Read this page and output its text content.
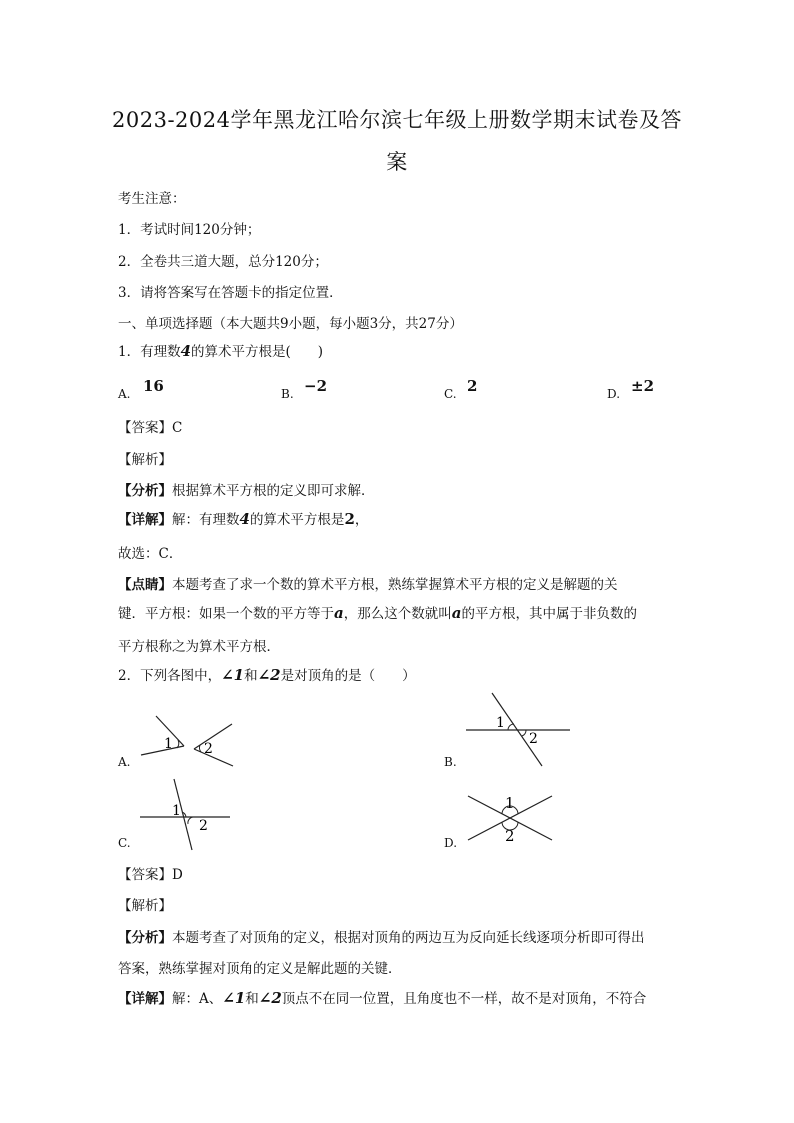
2023-2024学年黑龙江哈尔滨七年级上册数学期末试卷及答
案
考生注意：
1．考试时间120分钟；
2．全卷共三道大题，总分120分；
3．请将答案写在答题卡的指定位置．
一、单项选择题（本大题共9小题，每小题3分，共27分）
1．有理数4的算术平方根是(　　)
A. 16	B. −2	C. 2	D. ±2
【答案】C
【解析】
【分析】根据算术平方根的定义即可求解．
【详解】解：有理数4的算术平方根是2，
故选：C．
【点睛】本题考查了求一个数的算术平方根，熟练掌握算术平方根的定义是解题的关
键．平方根：如果一个数的平方等于a，那么这个数就叫a的平方根，其中属于非负数的
平方根称之为算术平方根．
2．下列各图中，∠1和∠2是对顶角的是（　　）
A.
1 2
B.
1
2
C.
1
2
D.
1
2
【答案】D
【解析】
【分析】本题考查了对顶角的定义，根据对顶角的两边互为反向延长线逐项分析即可得出
答案，熟练掌握对顶角的定义是解此题的关键．
【详解】解：A、∠1和∠2顶点不在同一位置，且角度也不一样，故不是对顶角，不符合
